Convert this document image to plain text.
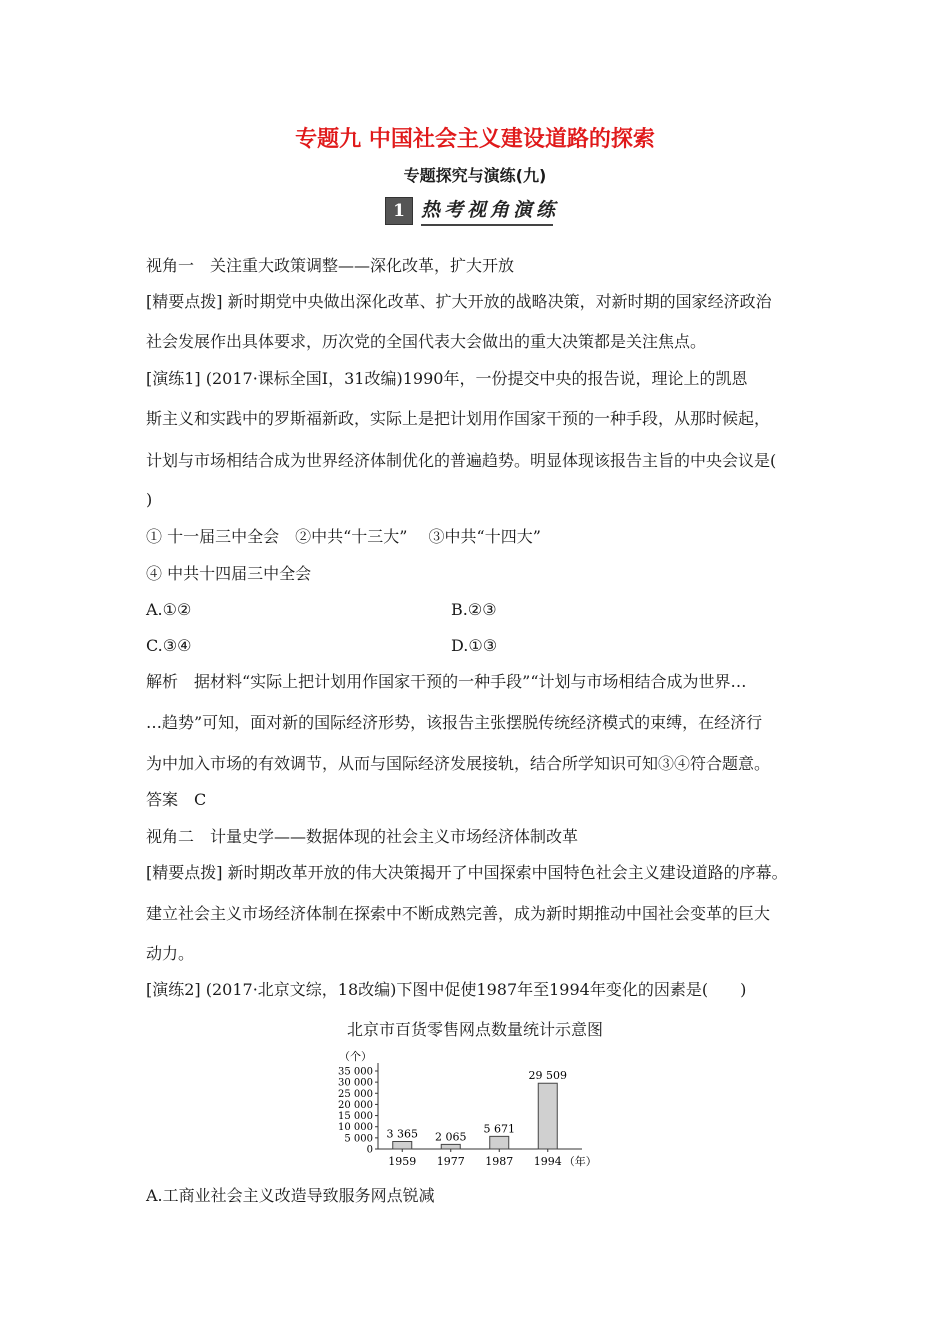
专题九 中国社会主义建设道路的探索
专题探究与演练(九)
1 热考视角演练
视角一　关注重大政策调整——深化改革，扩大开放
[精要点拨] 新时期党中央做出深化改革、扩大开放的战略决策，对新时期的国家经济政治
社会发展作出具体要求，历次党的全国代表大会做出的重大决策都是关注焦点。
[演练1] (2017·课标全国Ⅰ，31改编)1990年，一份提交中央的报告说，理论上的凯恩
斯主义和实践中的罗斯福新政，实际上是把计划用作国家干预的一种手段，从那时候起，
计划与市场相结合成为世界经济体制优化的普遍趋势。明显体现该报告主旨的中央会议是(
)
① 十一届三中全会　②中共“十三大”　 ③中共“十四大”
④ 中共十四届三中全会
A.①②	B.②③
C.③④	D.①③
解析　据材料“实际上把计划用作国家干预的一种手段”“计划与市场相结合成为世界…
…趋势”可知，面对新的国际经济形势，该报告主张摆脱传统经济模式的束缚，在经济行
为中加入市场的有效调节，从而与国际经济发展接轨，结合所学知识可知③④符合题意。
答案　C
视角二　计量史学——数据体现的社会主义市场经济体制改革
[精要点拨] 新时期改革开放的伟大决策揭开了中国探索中国特色社会主义建设道路的序幕。
建立社会主义市场经济体制在探索中不断成熟完善，成为新时期推动中国社会变革的巨大
动力。
[演练2] (2017·北京文综，18改编)下图中促使1987年至1994年变化的因素是(　　)
北京市百货零售网点数量统计示意图
（个）
0
5 000
10 000
15 000
20 000
25 000
30 000
35 000
3 365
1959
2 065
1977
5 671
1987
29 509
1994 （年）
A.工商业社会主义改造导致服务网点锐减
